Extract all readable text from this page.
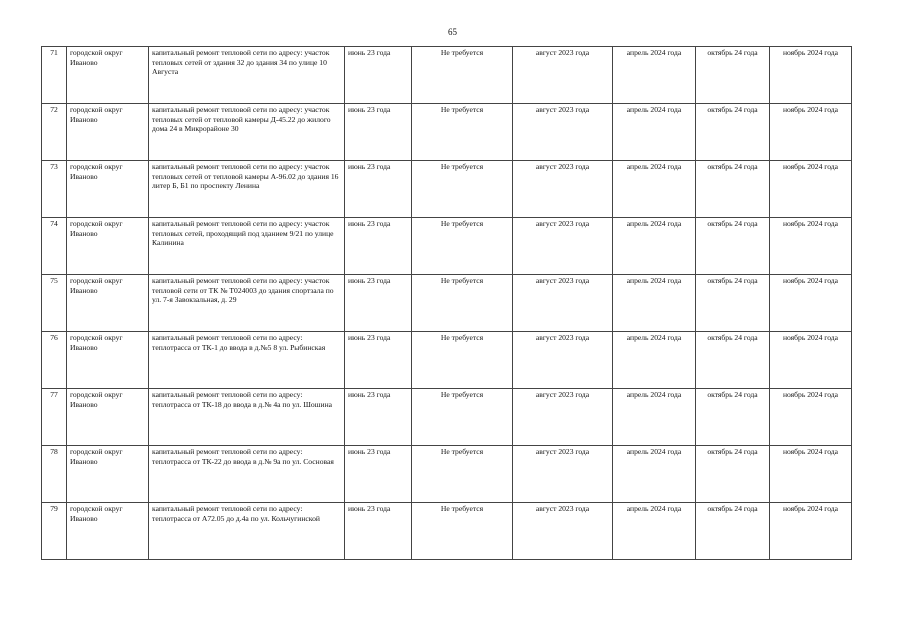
65
71	городской округ Иваново	капитальный ремонт тепловой сети по адресу: участок тепловых сетей от здания 32 до здания 34 по улице 10 Августа	июнь 23 года	Не требуется	август 2023 года	апрель 2024 года	октябрь 24 года	ноябрь 2024 года
72	городской округ Иваново	капитальный ремонт тепловой сети по адресу: участок тепловых сетей от тепловой камеры Д-45.22 до жилого дома 24 в Микрорайоне 30	июнь 23 года	Не требуется	август 2023 года	апрель 2024 года	октябрь 24 года	ноябрь 2024 года
73	городской округ Иваново	капитальный ремонт тепловой сети по адресу: участок тепловых сетей от тепловой камеры А-96.02 до здания 16 литер Б, Б1 по проспекту Ленина	июнь 23 года	Не требуется	август 2023 года	апрель 2024 года	октябрь 24 года	ноябрь 2024 года
74	городской округ Иваново	капитальный ремонт тепловой сети по адресу: участок тепловых сетей, проходящий под зданием 9/21 по улице Калинина	июнь 23 года	Не требуется	август 2023 года	апрель 2024 года	октябрь 24 года	ноябрь 2024 года
75	городской округ Иваново	капитальный ремонт тепловой сети по адресу: участок тепловой сети от ТК № Т024003 до здания спортзала по ул. 7-я Завокзальная, д. 29	июнь 23 года	Не требуется	август 2023 года	апрель 2024 года	октябрь 24 года	ноябрь 2024 года
76	городской округ Иваново	капитальный ремонт тепловой сети по адресу: теплотрасса от ТК-1 до ввода в д.№5 8 ул. Рыбинская	июнь 23 года	Не требуется	август 2023 года	апрель 2024 года	октябрь 24 года	ноябрь 2024 года
77	городской округ Иваново	капитальный ремонт тепловой сети по адресу: теплотрасса от ТК-18 до ввода в д.№ 4а по ул. Шошина	июнь 23 года	Не требуется	август 2023 года	апрель 2024 года	октябрь 24 года	ноябрь 2024 года
78	городской округ Иваново	капитальный ремонт тепловой сети по адресу: теплотрасса от ТК-22 до ввода в д.№ 9а по ул. Сосновая	июнь 23 года	Не требуется	август 2023 года	апрель 2024 года	октябрь 24 года	ноябрь 2024 года
79	городской округ Иваново	капитальный ремонт тепловой сети по адресу: теплотрасса от А72.05 до д.4а по ул. Кольчугинской	июнь 23 года	Не требуется	август 2023 года	апрель 2024 года	октябрь 24 года	ноябрь 2024 года
